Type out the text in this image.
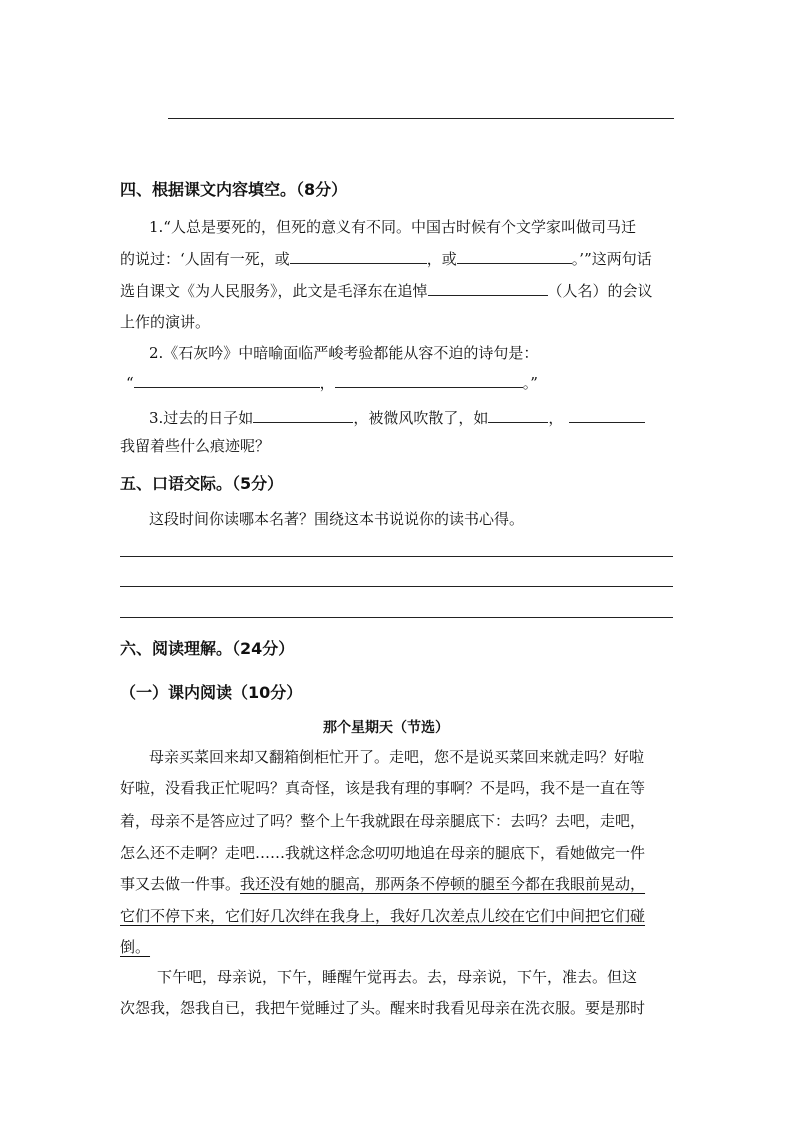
四、根据课文内容填空。（8分）
1.“人总是要死的，但死的意义有不同。中国古时候有个文学家叫做司马迁
的说过：‘人固有一死，或	，或	。’”这两句话
选自课文《为人民服务》，此文是毛泽东在追悼	（人名）的会议
上作的演讲。
2.《石灰吟》中暗喻面临严峻考验都能从容不迫的诗句是：
“	，	。”
3.过去的日子如	，被微风吹散了，如	，
我留着些什么痕迹呢？
五、口语交际。（5分）
这段时间你读哪本名著？围绕这本书说说你的读书心得。
六、阅读理解。（24分）
（一）课内阅读（10分）
那个星期天（节选）
母亲买菜回来却又翻箱倒柜忙开了。走吧，您不是说买菜回来就走吗？好啦
好啦，没看我正忙呢吗？真奇怪，该是我有理的事啊？不是吗，我不是一直在等
着，母亲不是答应过了吗？整个上午我就跟在母亲腿底下：去吗？去吧，走吧，
怎么还不走啊？走吧……我就这样念念叨叨地追在母亲的腿底下，看她做完一件
事又去做一件事。我还没有她的腿高，那两条不停顿的腿至今都在我眼前晃动，
它们不停下来，它们好几次绊在我身上，我好几次差点儿绞在它们中间把它们碰
倒。
下午吧，母亲说，下午，睡醒午觉再去。去，母亲说，下午，准去。但这
次怨我，怨我自已，我把午觉睡过了头。醒来时我看见母亲在洗衣服。要是那时
